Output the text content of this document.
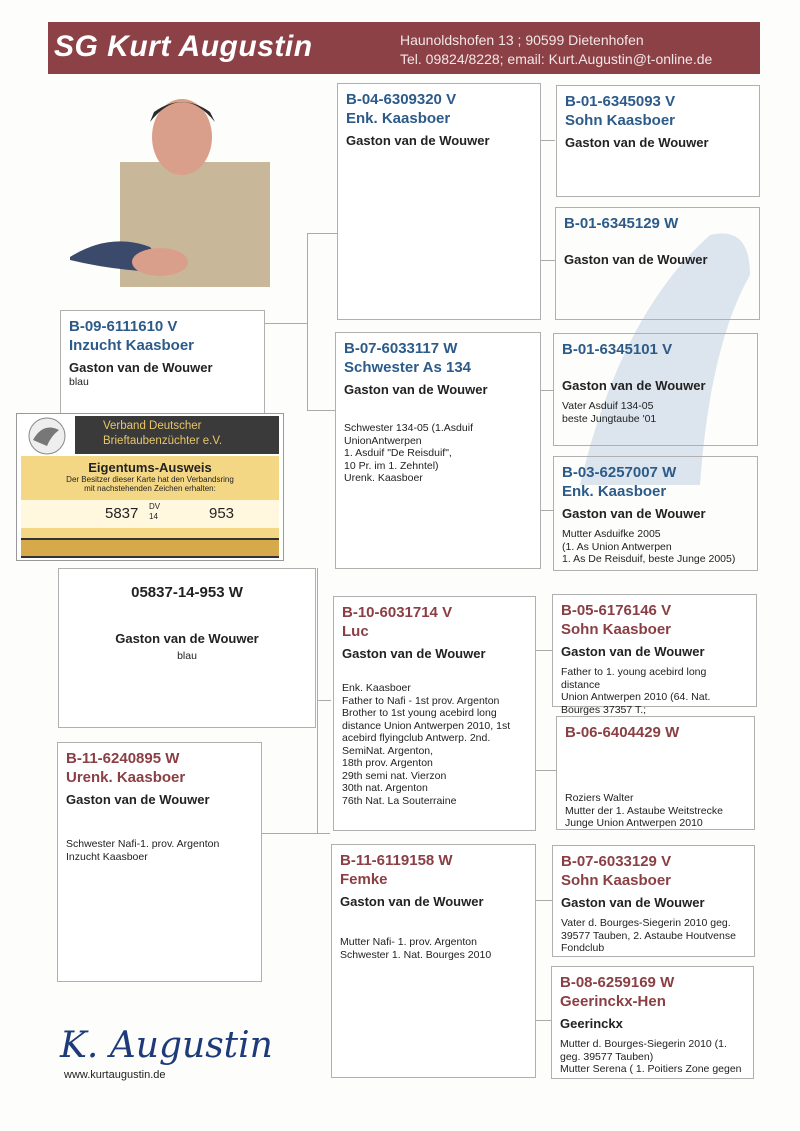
SG Kurt Augustin	Haunoldshofen 13 ; 90599 Dietenhofen
Tel. 09824/8228; email: Kurt.Augustin@t-online.de
B-09-6111610 V
Inzucht Kaasboer
Gaston van de Wouwer
blau
Verband Deutscher
Brieftaubenzüchter e.V.
Eigentums-Ausweis
Der Besitzer dieser Karte hat den Verbandsring
mit nachstehenden Zeichen erhalten:
5837 DV
14	953
05837-14-953 W
Gaston van de Wouwer
blau
B-11-6240895 W
Urenk. Kaasboer
Gaston van de Wouwer
Schwester Nafi-1. prov. Argenton
Inzucht Kaasboer
B-04-6309320 V
Enk. Kaasboer
Gaston van de Wouwer
B-07-6033117 W
Schwester As 134
Gaston van de Wouwer
Schwester 134-05 (1.Asduif
UnionAntwerpen
1. Asduif "De Reisduif",
10 Pr. im 1. Zehntel)
Urenk. Kaasboer
B-10-6031714 V
Luc
Gaston van de Wouwer
Enk. Kaasboer
Father to Nafi - 1st prov. Argenton
Brother to 1st young acebird long
distance Union Antwerpen 2010, 1st
acebird flyingclub Antwerp. 2nd.
SemiNat. Argenton,
18th prov. Argenton
29th semi nat. Vierzon
30th nat. Argenton
76th Nat. La Souterraine
B-11-6119158 W
Femke
Gaston van de Wouwer
Mutter Nafi- 1. prov. Argenton
Schwester 1. Nat. Bourges 2010
B-01-6345093 V
Sohn Kaasboer
Gaston van de Wouwer
B-01-6345129 W
Gaston van de Wouwer
B-01-6345101 V
Gaston van de Wouwer
Vater Asduif 134-05
beste Jungtaube '01
B-03-6257007 W
Enk. Kaasboer
Gaston van de Wouwer
Mutter Asduifke 2005
(1. As Union Antwerpen
1. As De Reisduif, beste Junge 2005)
B-05-6176146 V
Sohn Kaasboer
Gaston van de Wouwer
Father to 1. young acebird long distance
Union Antwerpen 2010 (64. Nat.
Bourges 37357 T.;
B-06-6404429 W
Roziers Walter
Mutter der 1. Astaube Weitstrecke
Junge Union Antwerpen 2010
B-07-6033129 V
Sohn Kaasboer
Gaston van de Wouwer
Vater d. Bourges-Siegerin 2010 geg.
39577 Tauben, 2. Astaube Houtvense
Fondclub
B-08-6259169 W
Geerinckx-Hen
Geerinckx
Mutter d. Bourges-Siegerin 2010 (1.
geg. 39577 Tauben)
Mutter Serena ( 1. Poitiers Zone gegen
K. Augustin
www.kurtaugustin.de
